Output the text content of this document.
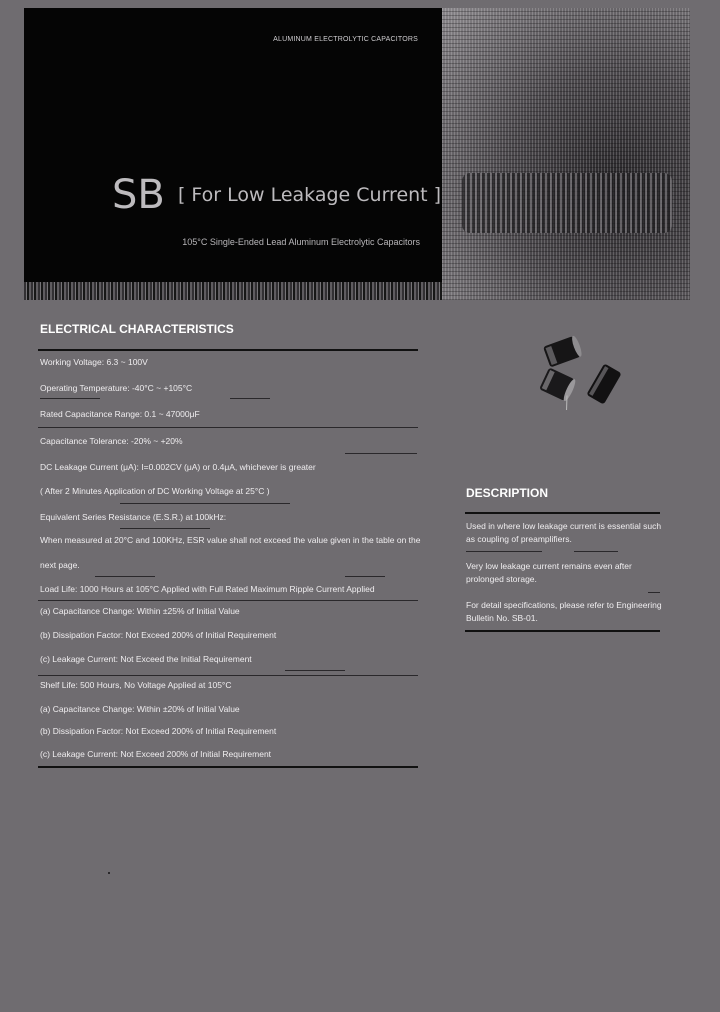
ALUMINUM ELECTROLYTIC CAPACITORS
SB [ For Low Leakage Current ]
105°C Single-Ended Lead Aluminum Electrolytic Capacitors
ELECTRICAL CHARACTERISTICS
Working Voltage: 6.3 ~ 100V
Operating Temperature: -40°C ~ +105°C
Rated Capacitance Range: 0.1 ~ 47000μF
Capacitance Tolerance: -20% ~ +20%
DC Leakage Current (μA): I=0.002CV (μA) or 0.4μA, whichever is greater
( After 2 Minutes Application of DC Working Voltage at 25°C )
Equivalent Series Resistance (E.S.R.) at 100kHz:
When measured at 20°C and 100KHz, ESR value shall not exceed the value given in the table on the
next page.
Load Life: 1000 Hours at 105°C Applied with Full Rated Maximum Ripple Current Applied
(a) Capacitance Change: Within ±25% of Initial Value
(b) Dissipation Factor: Not Exceed 200% of Initial Requirement
(c) Leakage Current: Not Exceed the Initial Requirement
Shelf Life: 500 Hours, No Voltage Applied at 105°C
(a) Capacitance Change: Within ±20% of Initial Value
(b) Dissipation Factor: Not Exceed 200% of Initial Requirement
(c) Leakage Current: Not Exceed 200% of Initial Requirement
DESCRIPTION
Used in where low leakage current is essential such as coupling of preamplifiers.
Very low leakage current remains even after prolonged storage.
For detail specifications, please refer to Engineering Bulletin No. SB-01.
